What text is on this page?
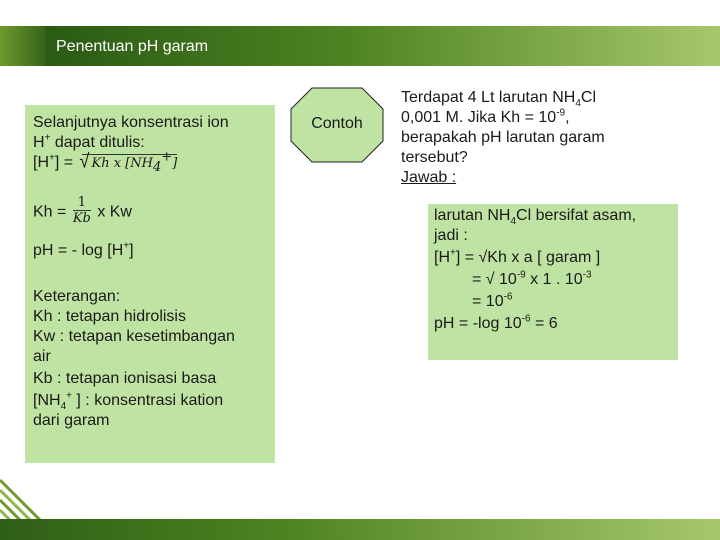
Penentuan pH garam
Selanjutnya konsentrasi ion
H+ dapat ditulis:
[H+] = √ Kh x $[NH_4^+]$
$Kh = \frac{1}{Kb}$ x Kw
pH = - log [H+]
Keterangan:
Kh : tetapan hidrolisis
Kw : tetapan kesetimbangan
air
Kb : tetapan ionisasi basa
[$NH_4^+$ ] : konsentrasi kation
dari garam
Contoh
Terdapat 4 Lt larutan $NH_4Cl$
0,001 M. Jika $Kh = 10^{-9}$,
berapakah pH larutan garam
tersebut?
Jawab :
larutan $NH_4Cl$ bersifat asam,
jadi :
[H+] = √Kh x a [ garam ]
= √ $10^{-9}$ x 1 . $10^{-3}$
= $10^{-6}$
pH = -log $10^{-6} = 6$
